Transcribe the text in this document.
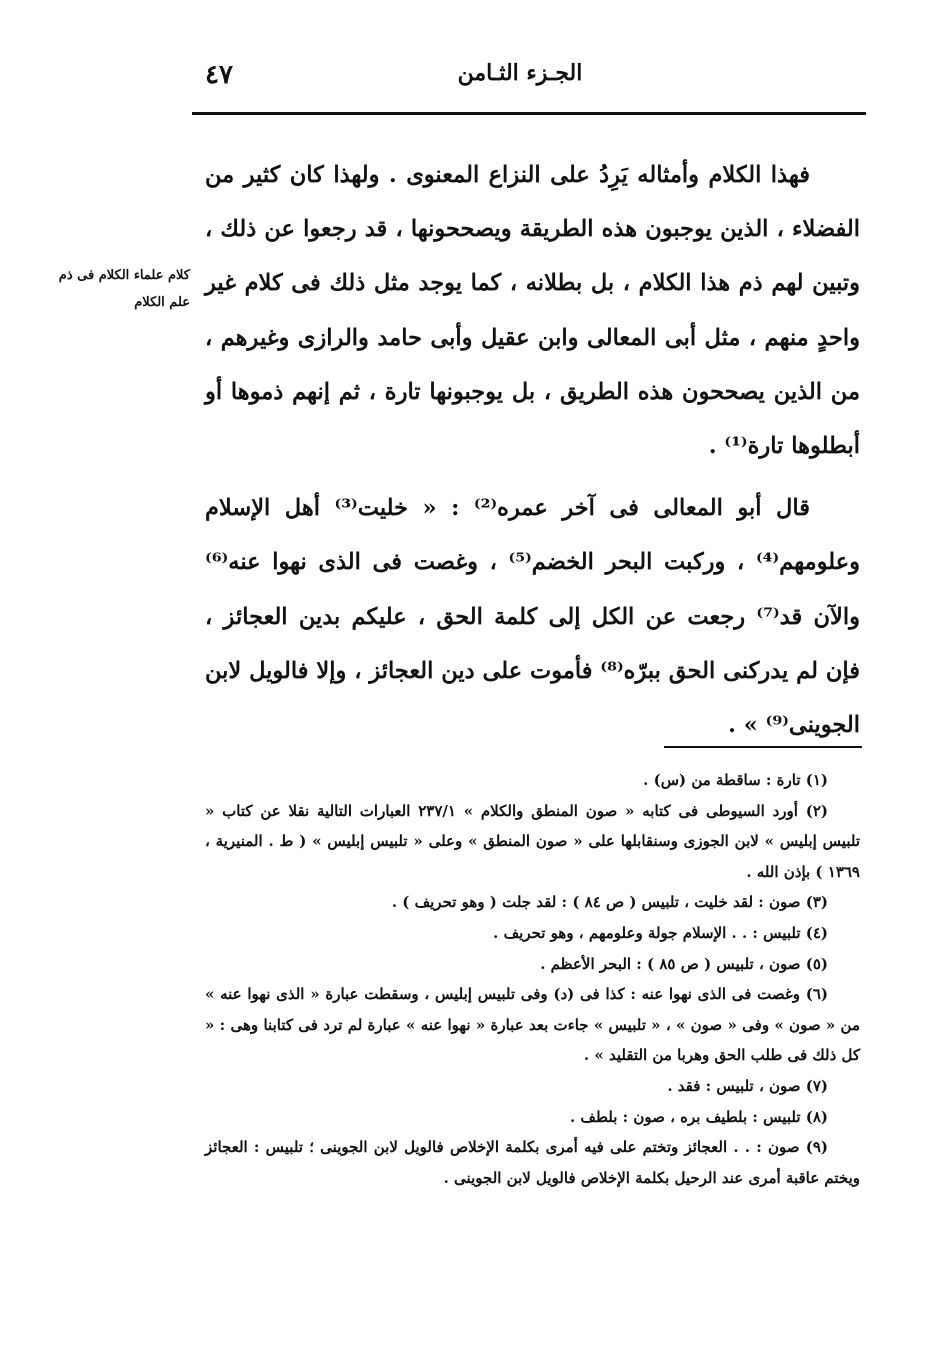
٤٧	الجـزء الثـامن
كلام علماء الكلام فى ذم علم الكلام

فهذا الكلام وأمثاله يَرِدُ على النزاع المعنوى . ولهذا كان كثير من الفضلاء ، الذين يوجبون هذه الطريقة ويصححونها ، قد رجعوا عن ذلك ، وتبين لهم ذم هذا الكلام ، بل بطلانه ، كما يوجد مثل ذلك فى كلام غير واحدٍ منهم ، مثل أبى المعالى وابن عقيل وأبى حامد والرازى وغيرهم ، من الذين يصححون هذه الطريق ، بل يوجبونها تارة ، ثم إنهم ذموها أو أبطلوها تارة⁽¹⁾ .

قال أبو المعالى فى آخر عمره⁽²⁾ : « خليت⁽³⁾ أهل الإسلام وعلومهم⁽⁴⁾ ، وركبت البحر الخضم⁽⁵⁾ ، وغصت فى الذى نهوا عنه⁽⁶⁾ والآن قد⁽⁷⁾ رجعت عن الكل إلى كلمة الحق ، عليكم بدين العجائز ، فإن لم يدركنى الحق ببرّه⁽⁸⁾ فأموت على دين العجائز ، وإلا فالويل لابن الجوينى⁽⁹⁾ » .

(١) تارة : ساقطة من (س) .

(٢) أورد السيوطى فى كتابه « صون المنطق والكلام » ٢٣٧/١ العبارات التالية نقلا عن كتاب « تلبيس إبليس » لابن الجوزى وسنقابلها على « صون المنطق » وعلى « تلبيس إبليس » ( ط . المنيرية ، ١٣٦٩ ) بإذن الله .

(٣) صون : لقد خليت ، تلبيس ( ص ٨٤ ) : لقد جلت ( وهو تحريف ) .

(٤) تلبيس : . . الإسلام جولة وعلومهم ، وهو تحريف .

(٥) صون ، تلبيس ( ص ٨٥ ) : البحر الأعظم .

(٦) وغصت فى الذى نهوا عنه : كذا فى (د) وفى تلبيس إبليس ، وسقطت عبارة « الذى نهوا عنه » من « صون » وفى « صون » ، « تلبيس » جاءت بعد عبارة « نهوا عنه » عبارة لم ترد فى كتابنا وهى : « كل ذلك فى طلب الحق وهربا من التقليد » .

(٧) صون ، تلبيس : فقد .

(٨) تلبيس : بلطيف بره ، صون : بلطف .

(٩) صون : . . العجائز وتختم على فيه أمرى بكلمة الإخلاص فالويل لابن الجوينى ؛ تلبيس : العجائز ويختم عاقبة أمرى عند الرحيل بكلمة الإخلاص فالويل لابن الجوينى .
